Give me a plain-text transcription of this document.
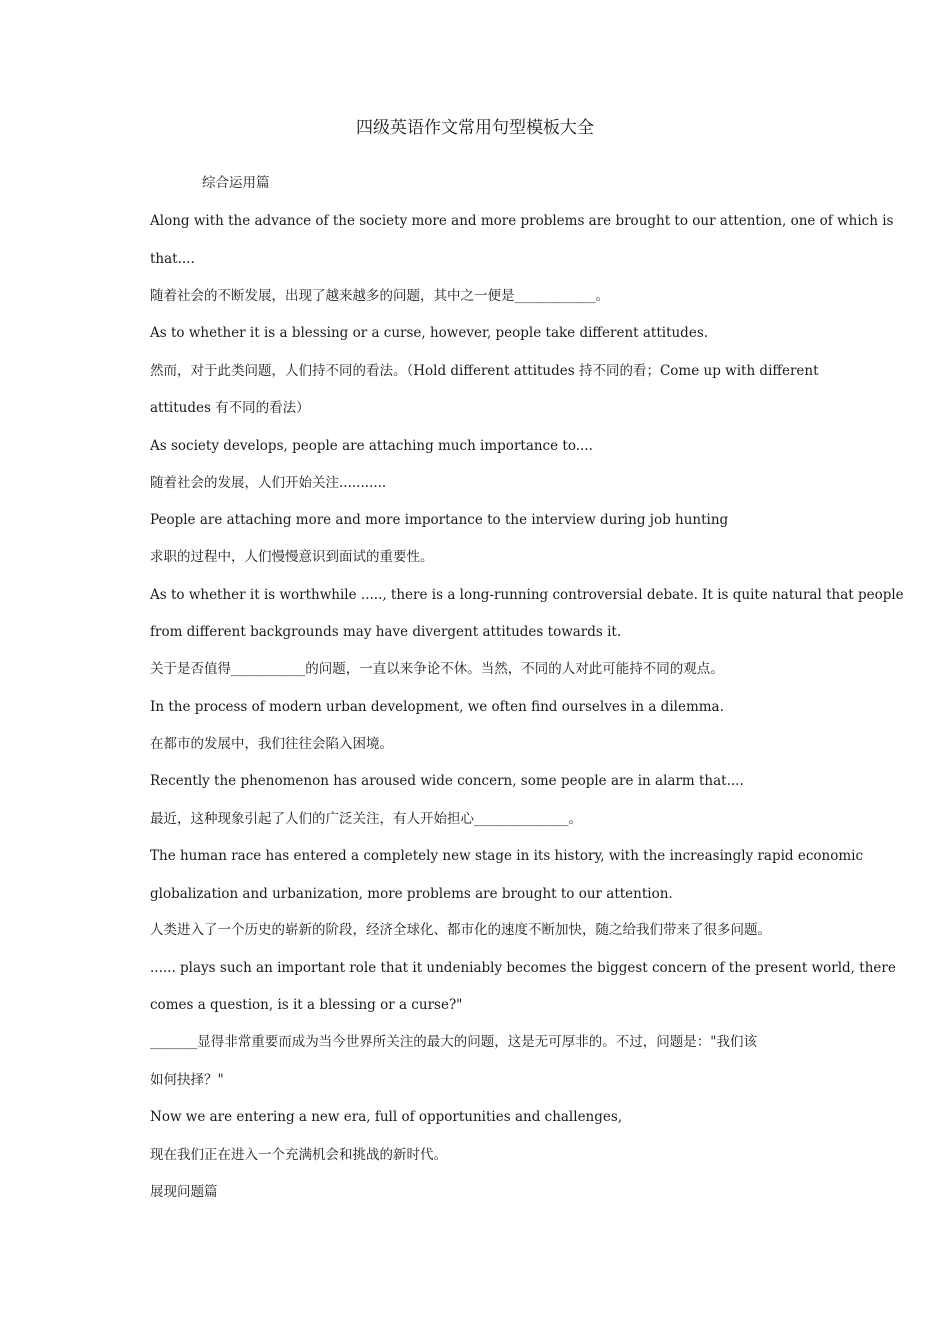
四级英语作文常用句型模板大全
综合运用篇
Along with the advance of the society more and more problems are brought to our attention, one of which is
that....
随着社会的不断发展，出现了越来越多的问题，其中之一便是____________。
As to whether it is a blessing or a curse, however, people take different attitudes.
然而，对于此类问题，人们持不同的看法。（Hold different attitudes 持不同的看；Come up with different
attitudes 有不同的看法）
As society develops, people are attaching much importance to....
随着社会的发展，人们开始关注...........
People are attaching more and more importance to the interview during job hunting
求职的过程中，人们慢慢意识到面试的重要性。
As to whether it is worthwhile ....., there is a long-running controversial debate. It is quite natural that people
from different backgrounds may have divergent attitudes towards it.
关于是否值得___________的问题，一直以来争论不休。当然，不同的人对此可能持不同的观点。
In the process of modern urban development, we often find ourselves in a dilemma.
在都市的发展中，我们往往会陷入困境。
Recently the phenomenon has aroused wide concern, some people are in alarm that....
最近，这种现象引起了人们的广泛关注，有人开始担心______________。
The human race has entered a completely new stage in its history, with the increasingly rapid economic
globalization and urbanization, more problems are brought to our attention.
人类进入了一个历史的崭新的阶段，经济全球化、都市化的速度不断加快，随之给我们带来了很多问题。
...... plays such an important role that it undeniably becomes the biggest concern of the present world, there
comes a question, is it a blessing or a curse?"
_______显得非常重要而成为当今世界所关注的最大的问题，这是无可厚非的。不过，问题是："我们该
如何抉择？"
Now we are entering a new era, full of opportunities and challenges,
现在我们正在进入一个充满机会和挑战的新时代。
展现问题篇
